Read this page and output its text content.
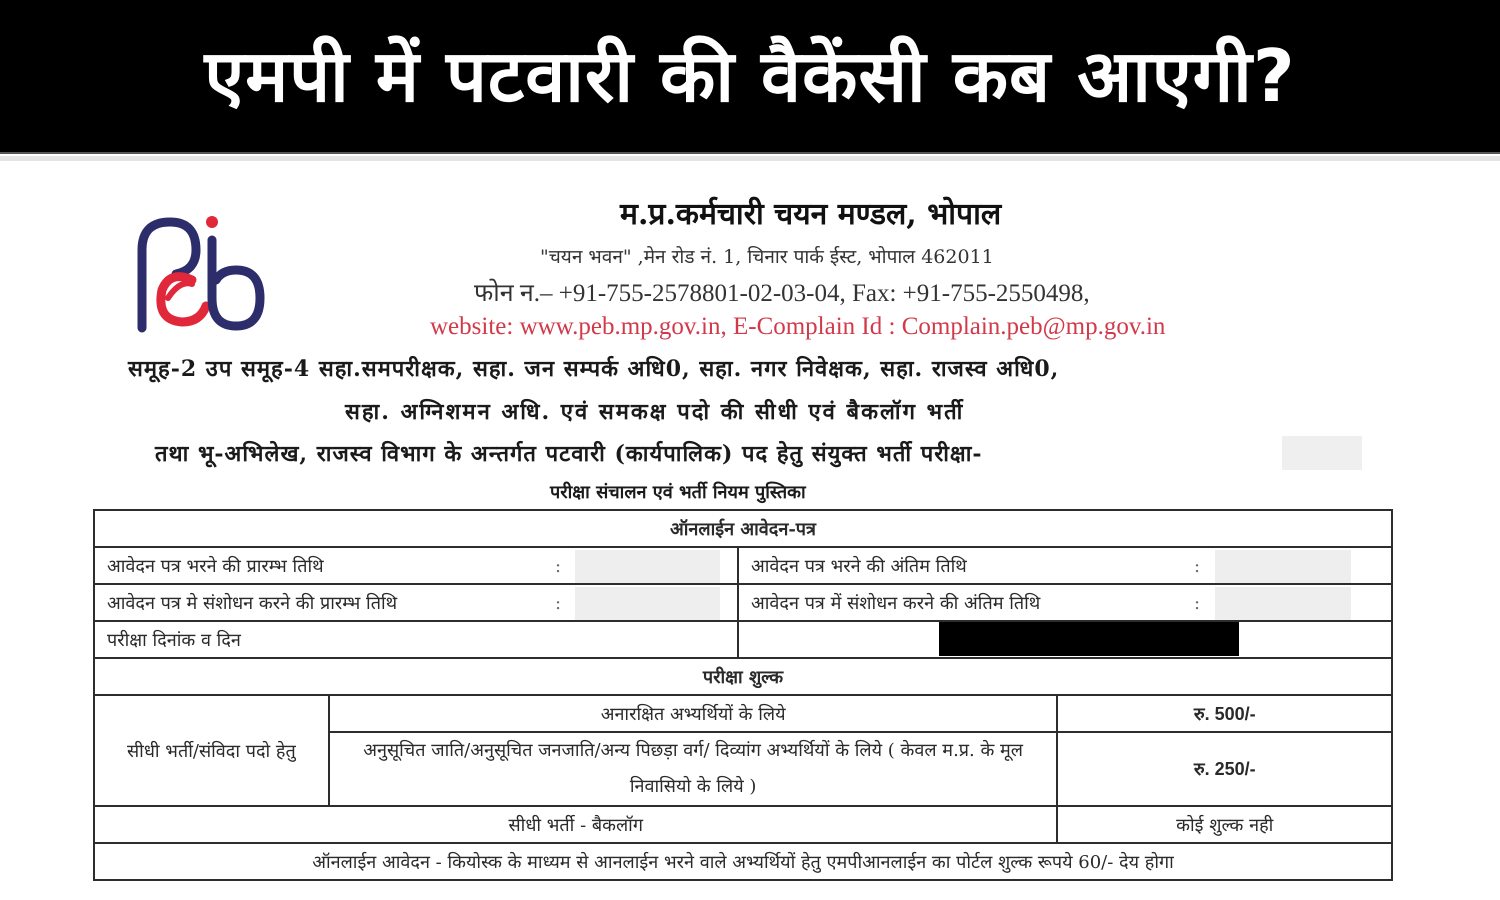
एमपी में पटवारी की वैकेंसी कब आएगी?
म.प्र.कर्मचारी चयन मण्डल, भोपाल
"चयन भवन" ,मेन रोड नं. 1, चिनार पार्क ईस्ट, भोपाल 462011
फोन न.– +91-755-2578801-02-03-04, Fax: +91-755-2550498,
website: www.peb.mp.gov.in, E-Complain Id : Complain.peb@mp.gov.in
समूह-2 उप समूह-4 सहा.समपरीक्षक, सहा. जन सम्पर्क अधि0, सहा. नगर निवेक्षक, सहा. राजस्व अधि0,
सहा. अग्निशमन अधि. एवं समकक्ष पदो की सीधी एवं बैकलॉग भर्ती
तथा भू-अभिलेख, राजस्व विभाग के अन्तर्गत पटवारी (कार्यपालिक) पद हेतु संयुक्त भर्ती परीक्षा-
परीक्षा संचालन एवं भर्ती नियम पुस्तिका
ऑनलाईन आवेदन-पत्र			
आवेदन पत्र भरने की प्रारम्भ तिथि :		आवेदन पत्र भरने की अंतिम तिथि :	

आवेदन पत्र मे संशोधन करने की प्रारम्भ तिथि :		आवेदन पत्र में संशोधन करने की अंतिम तिथि :	

परीक्षा दिनांक व दिन			

परीक्षा शुल्क			
सीधी भर्ती/संविदा पदो हेतु	अनारक्षित अभ्यर्थियों के लिये		रु. 500/-
	अनुसूचित जाति/अनुसूचित जनजाति/अन्य पिछड़ा वर्ग/ दिव्यांग अभ्यर्थियों के लिये ( केवल म.प्र. के मूल निवासियो के लिये )		रु. 250/-
सीधी भर्ती - बैकलॉग			कोई शुल्क नही
ऑनलाईन आवेदन - कियोस्क के माध्यम से आनलाईन भरने वाले अभ्यर्थियों हेतु एमपीआनलाईन का पोर्टल शुल्क रूपये 60/- देय होगा			
